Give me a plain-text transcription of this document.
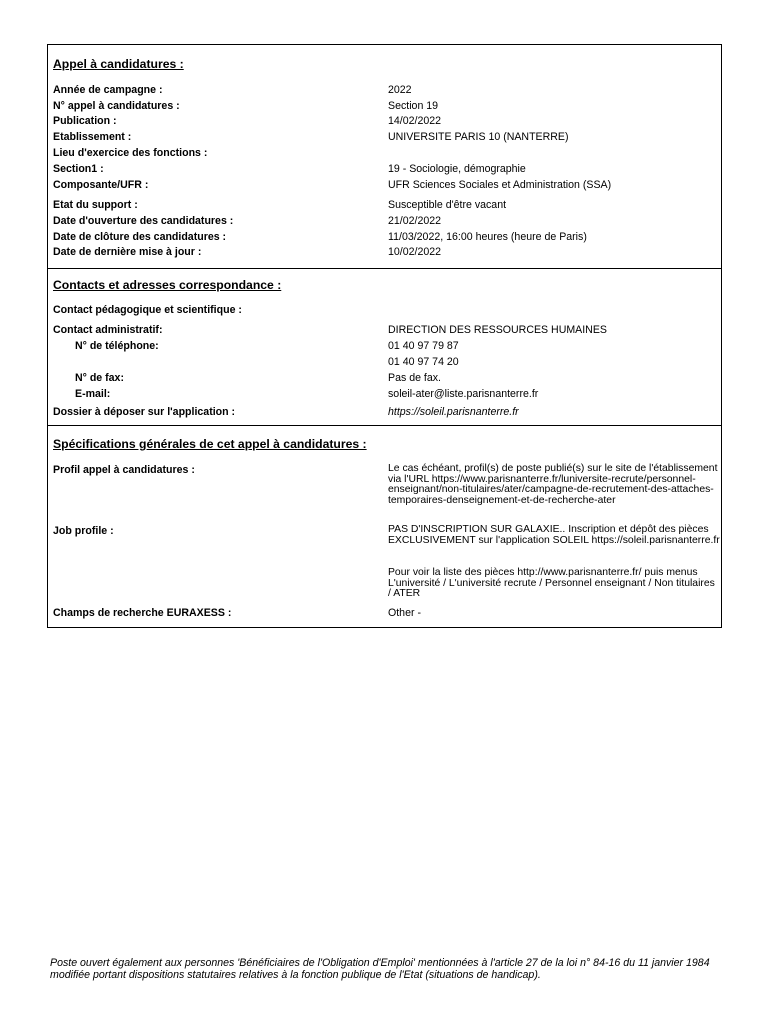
Appel à candidatures :
Année de campagne :	2022
N° appel à candidatures :	Section 19
Publication :	14/02/2022
Etablissement :	UNIVERSITE PARIS 10 (NANTERRE)
Lieu d'exercice des fonctions :
Section1 :	19 - Sociologie, démographie
Composante/UFR :	UFR Sciences Sociales et Administration (SSA)
Etat du support :	Susceptible d'être vacant
Date d'ouverture des candidatures :	21/02/2022
Date de clôture des candidatures :	11/03/2022, 16:00 heures (heure de Paris)
Date de dernière mise à jour :	10/02/2022
Contacts et adresses correspondance :
Contact pédagogique et scientifique :
Contact administratif:	DIRECTION DES RESSOURCES HUMAINES
N° de téléphone:	01 40 97 79 87
01 40 97 74 20
N° de fax:	Pas de fax.
E-mail:	soleil-ater@liste.parisnanterre.fr
Dossier à déposer sur l'application :	https://soleil.parisnanterre.fr
Spécifications générales de cet appel à candidatures :
Profil appel à candidatures :	Le cas échéant, profil(s) de poste publié(s) sur le site de l'établissement via l'URL https://www.parisnanterre.fr/luniversite-recrute/personnel-enseignant/non-titulaires/ater/campagne-de-recrutement-des-attaches-temporaires-denseignement-et-de-recherche-ater
Job profile :	PAS D'INSCRIPTION SUR GALAXIE.. Inscription et dépôt des pièces EXCLUSIVEMENT sur l'application SOLEIL https://soleil.parisnanterre.fr
Pour voir la liste des pièces http://www.parisnanterre.fr/ puis menus L'université / L'université recrute / Personnel enseignant / Non titulaires / ATER
Champs de recherche EURAXESS :	Other -
Poste ouvert également aux personnes 'Bénéficiaires de l'Obligation d'Emploi' mentionnées à l'article 27 de la loi n° 84-16 du 11 janvier 1984 modifiée portant dispositions statutaires relatives à la fonction publique de l'Etat (situations de handicap).
